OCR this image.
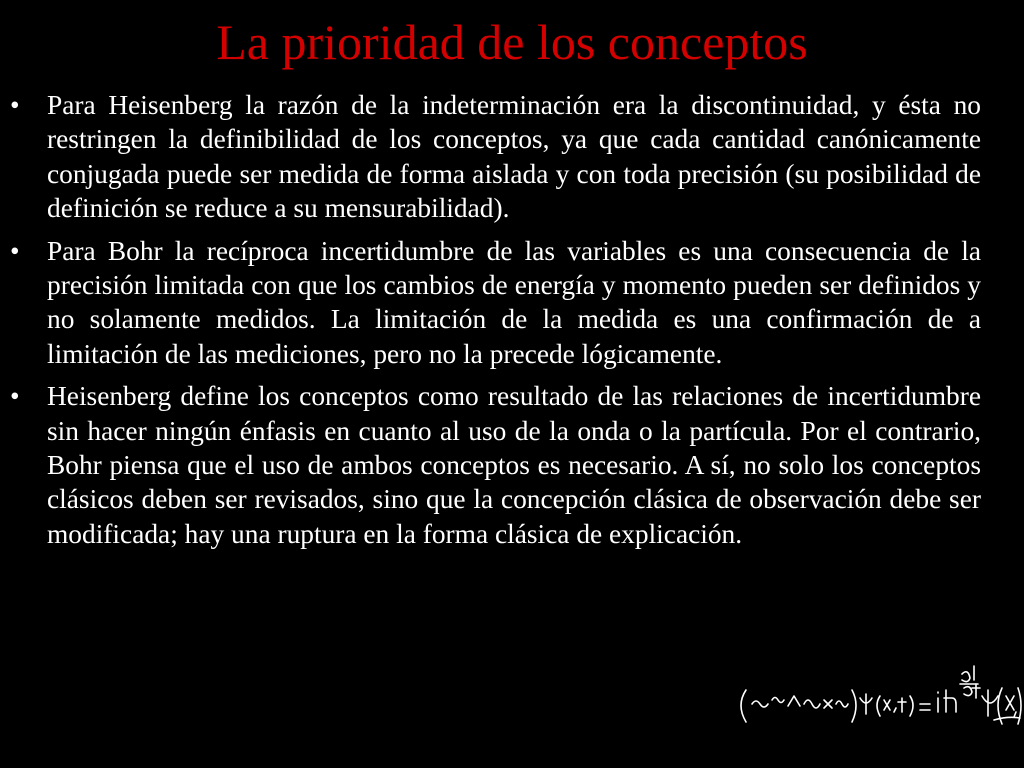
La prioridad de los conceptos
• Para Heisenberg la razón de la indeterminación era la discontinuidad, y ésta no restringen la definibilidad de los conceptos, ya que cada cantidad canónicamente conjugada puede ser medida de forma aislada y con toda precisión (su posibilidad de definición se reduce a su mensurabilidad).
• Para Bohr la recíproca incertidumbre de las variables es una consecuencia de la precisión limitada con que los cambios de energía y momento pueden ser definidos y no solamente medidos. La limitación de la medida es una confirmación de a limitación de las mediciones, pero no la precede lógicamente.
• Heisenberg define los conceptos como resultado de las relaciones de incertidumbre sin hacer ningún énfasis en cuanto al uso de la onda o la partícula. Por el contrario, Bohr piensa que el uso de ambos conceptos es necesario. A sí, no solo los conceptos clásicos deben ser revisados, sino que la concepción clásica de observación debe ser modificada; hay una ruptura en la forma clásica de explicación.
